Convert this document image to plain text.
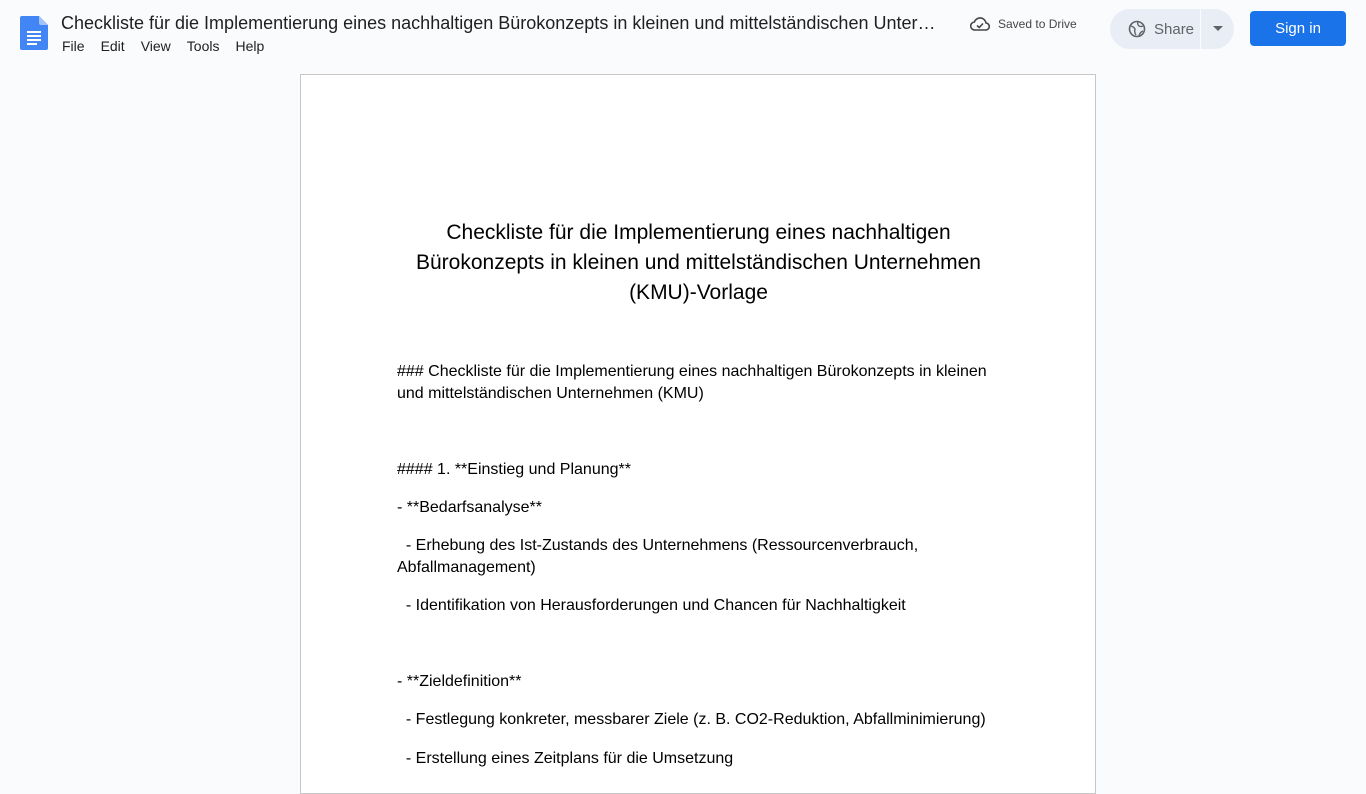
Checkliste für die Implementierung eines nachhaltigen Bürokonzepts in kleinen und mittelständischen Unter…
File	Edit	View	Tools	Help
Saved to Drive	Share	Sign in
Checkliste für die Implementierung eines nachhaltigen Bürokonzepts in kleinen und mittelständischen Unternehmen (KMU)-Vorlage
### Checkliste für die Implementierung eines nachhaltigen Bürokonzepts in kleinen und mittelständischen Unternehmen (KMU)
#### 1. **Einstieg und Planung**
- **Bedarfsanalyse**
- Erhebung des Ist-Zustands des Unternehmens (Ressourcenverbrauch, Abfallmanagement)
- Identifikation von Herausforderungen und Chancen für Nachhaltigkeit
- **Zieldefinition**
- Festlegung konkreter, messbarer Ziele (z. B. CO2-Reduktion, Abfallminimierung)
- Erstellung eines Zeitplans für die Umsetzung
